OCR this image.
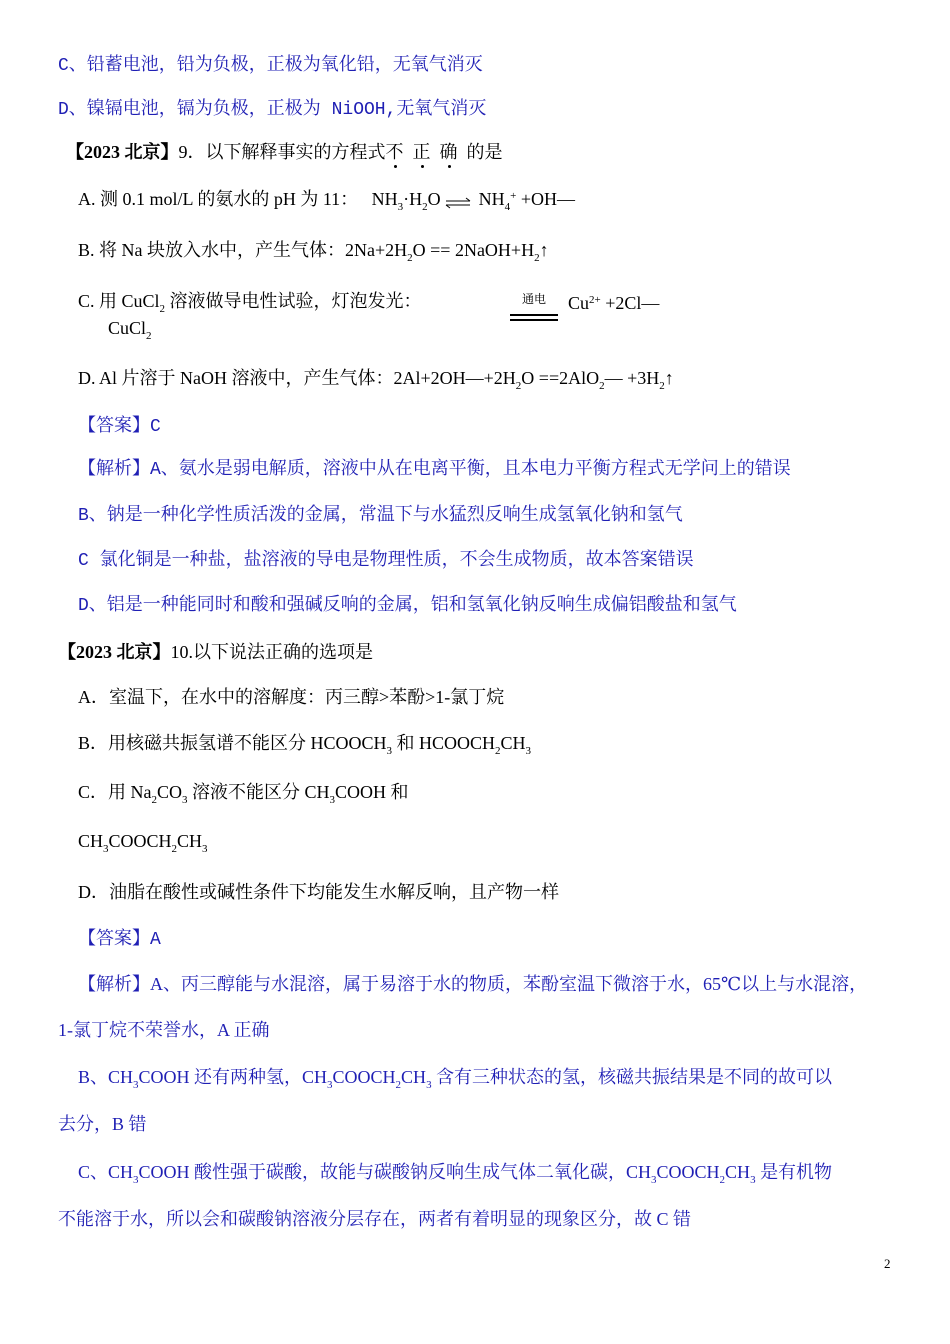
C、铅蓄电池，铅为负极，正极为氧化铅，无氧气消灭
D、镍镉电池，镉为负极，正极为 NiOOH,无氧气消灭
【2023 北京】9．以下解释事实的方程式不 正 确 的是
A. 测 0.1 mol/L 的氨水的 pH 为 11： $NH_3\cdot H_2O$ ⇌ $NH_4^+$ +OH―
B. 将 Na 块放入水中，产生气体：$2Na+2H_2O$ == $2NaOH+H_2↑$
C. 用 CuCl$_2$ 溶液做导电性试验，灯泡发光：	通电 $Cu^{2+}$ +2Cl―
CuCl$_2$
D. Al 片溶于 NaOH 溶液中，产生气体：$2Al+2OH―+2H_2O$ ==2AlO$_2$― $+3H_2↑$
【答案】C
【解析】A、氨水是弱电解质，溶液中从在电离平衡，且本电力平衡方程式无学问上的错误
B、钠是一种化学性质活泼的金属，常温下与水猛烈反响生成氢氧化钠和氢气
C 氯化铜是一种盐，盐溶液的导电是物理性质，不会生成物质，故本答案错误
D、铝是一种能同时和酸和强碱反响的金属，铝和氢氧化钠反响生成偏铝酸盐和氢气
【2023 北京】10.以下说法正确的选项是
A．室温下，在水中的溶解度：丙三醇>苯酚>1-氯丁烷
B．用核磁共振氢谱不能区分 $HCOOCH_3$ 和 $HCOOCH_2CH_3$
C．用 $Na_2CO_3$ 溶液不能区分 $CH_3COOH$ 和
$CH_3COOCH_2CH_3$
D．油脂在酸性或碱性条件下均能发生水解反响，且产物一样
【答案】A
【解析】A、丙三醇能与水混溶，属于易溶于水的物质，苯酚室温下微溶于水，65℃以上与水混溶，
1-氯丁烷不荣誉水，A 正确
B、$CH_3COOH$ 还有两种氢，$CH_3COOCH_2CH_3$ 含有三种状态的氢，核磁共振结果是不同的故可以
去分，B 错
C、$CH_3COOH$ 酸性强于碳酸，故能与碳酸钠反响生成气体二氧化碳，$CH_3COOCH_2CH_3$ 是有机物
不能溶于水，所以会和碳酸钠溶液分层存在，两者有着明显的现象区分，故 C 错
2
